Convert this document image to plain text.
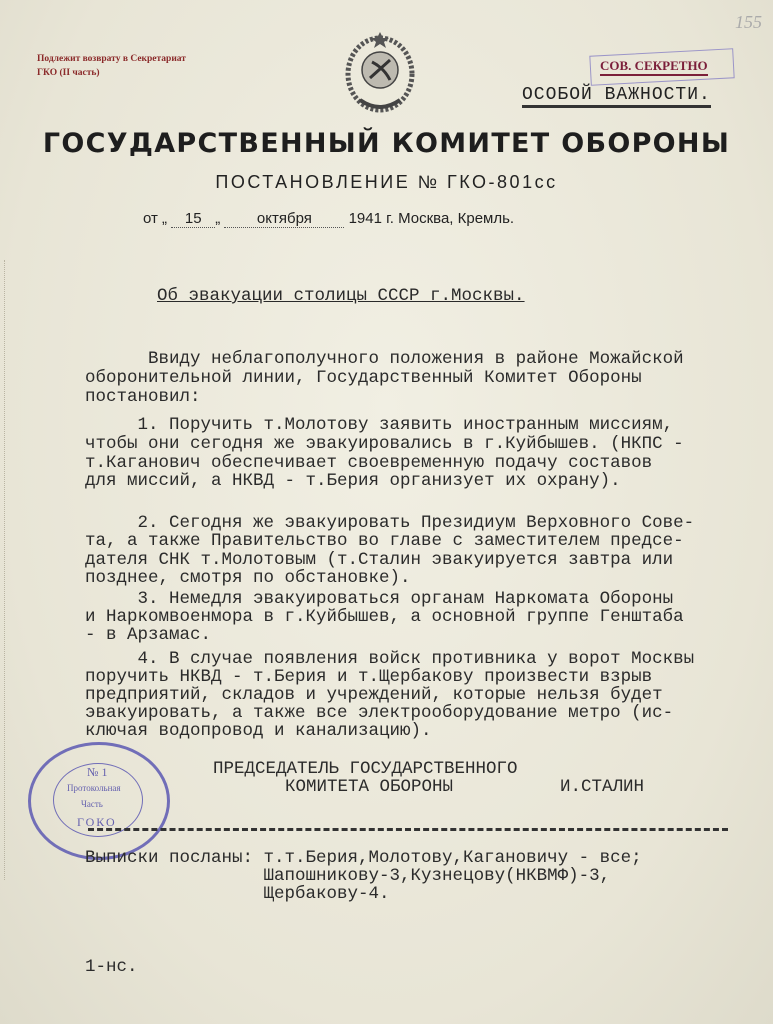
155
Подлежит возврату в Секретариат
ГКО (II часть)	СОВ. СЕКРЕТНО
ОСОБОЙ ВАЖНОСТИ.
ГОСУДАРСТВЕННЫЙ КОМИТЕТ ОБОРОНЫ
ПОСТАНОВЛЕНИЕ № ГКО-801сс
от „ 15 „ октября 1941 г. Москва, Кремль.
Об эвакуации столицы СССР г.Москвы.
Ввиду неблагополучного положения в районе Можайской
оборонительной линии, Государственный Комитет Обороны
постановил:
1. Поручить т.Молотову заявить иностранным миссиям,
чтобы они сегодня же эвакуировались в г.Куйбышев. (НКПС -
т.Каганович обеспечивает своевременную подачу составов
для миссий, а НКВД - т.Берия организует их охрану).
2. Сегодня же эвакуировать Президиум Верховного Сове-
та, а также Правительство во главе с заместителем предсе-
дателя СНК т.Молотовым (т.Сталин эвакуируется завтра или
позднее, смотря по обстановке).
3. Немедля эвакуироваться органам Наркомата Обороны
и Наркомвоенмора в г.Куйбышев, а основной группе Генштаба
- в Арзамас.
4. В случае появления войск противника у ворот Москвы
поручить НКВД - т.Берия и т.Щербакову произвести взрыв
предприятий, складов и учреждений, которые нельзя будет
эвакуировать, а также все электрооборудование метро (ис-
ключая водопровод и канализацию).
№ 1
Протокольная
Часть
ГОКО
ПРЕДСЕДАТЕЛЬ ГОСУДАРСТВЕННОГО
КОМИТЕТА ОБОРОНЫ	И.СТАЛИН
Выписки посланы: т.т.Берия,Молотову,Кагановичу - все;
Шапошникову-3,Кузнецову(НКВМФ)-3,
Щербакову-4.
1-нс.
